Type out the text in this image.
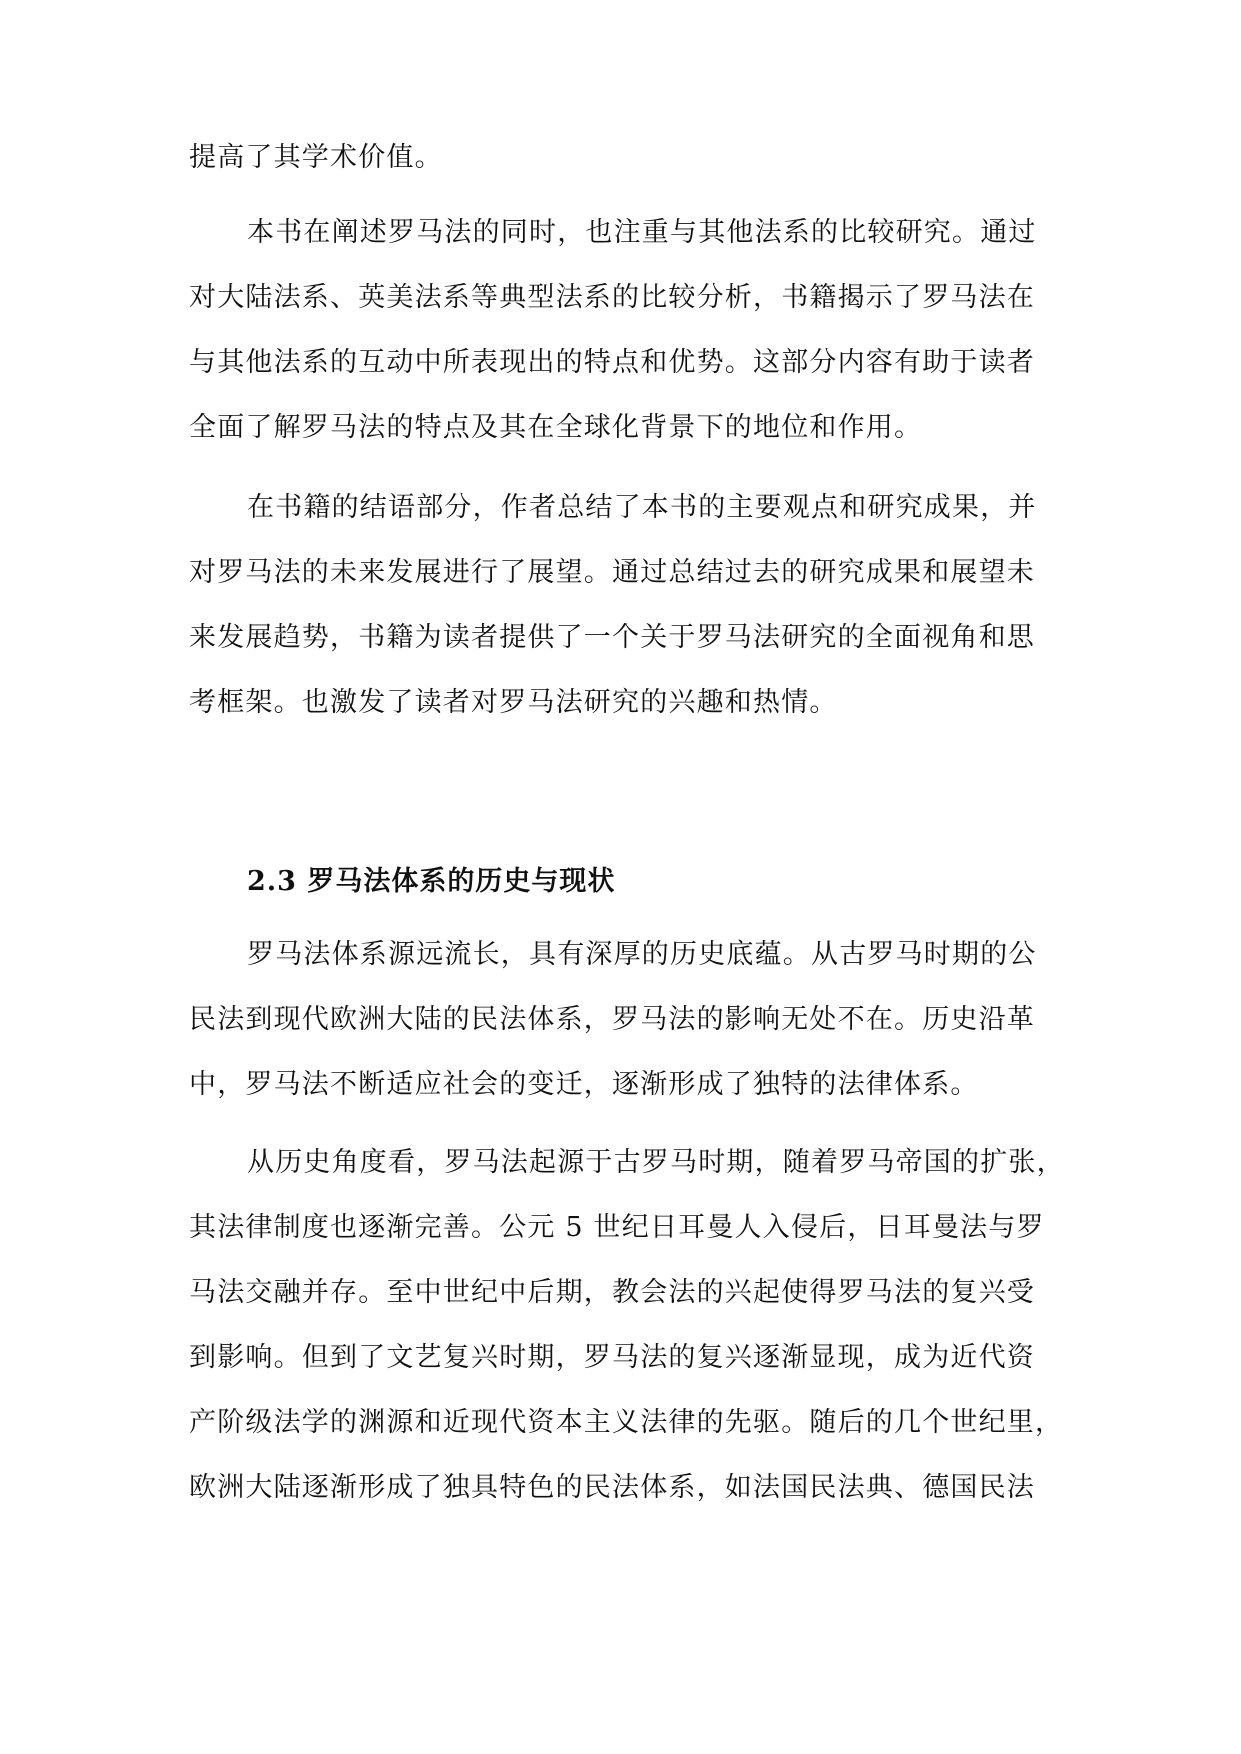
提高了其学术价值。

本书在阐述罗马法的同时，也注重与其他法系的比较研究。通过
对大陆法系、英美法系等典型法系的比较分析，书籍揭示了罗马法在
与其他法系的互动中所表现出的特点和优势。这部分内容有助于读者
全面了解罗马法的特点及其在全球化背景下的地位和作用。

在书籍的结语部分，作者总结了本书的主要观点和研究成果，并
对罗马法的未来发展进行了展望。通过总结过去的研究成果和展望未
来发展趋势，书籍为读者提供了一个关于罗马法研究的全面视角和思
考框架。也激发了读者对罗马法研究的兴趣和热情。

2.3 罗马法体系的历史与现状

罗马法体系源远流长，具有深厚的历史底蕴。从古罗马时期的公
民法到现代欧洲大陆的民法体系，罗马法的影响无处不在。历史沿革
中，罗马法不断适应社会的变迁，逐渐形成了独特的法律体系。

从历史角度看，罗马法起源于古罗马时期，随着罗马帝国的扩张，
其法律制度也逐渐完善。公元 5 世纪日耳曼人入侵后，日耳曼法与罗
马法交融并存。至中世纪中后期，教会法的兴起使得罗马法的复兴受
到影响。但到了文艺复兴时期，罗马法的复兴逐渐显现，成为近代资
产阶级法学的渊源和近现代资本主义法律的先驱。随后的几个世纪里，
欧洲大陆逐渐形成了独具特色的民法体系，如法国民法典、德国民法
